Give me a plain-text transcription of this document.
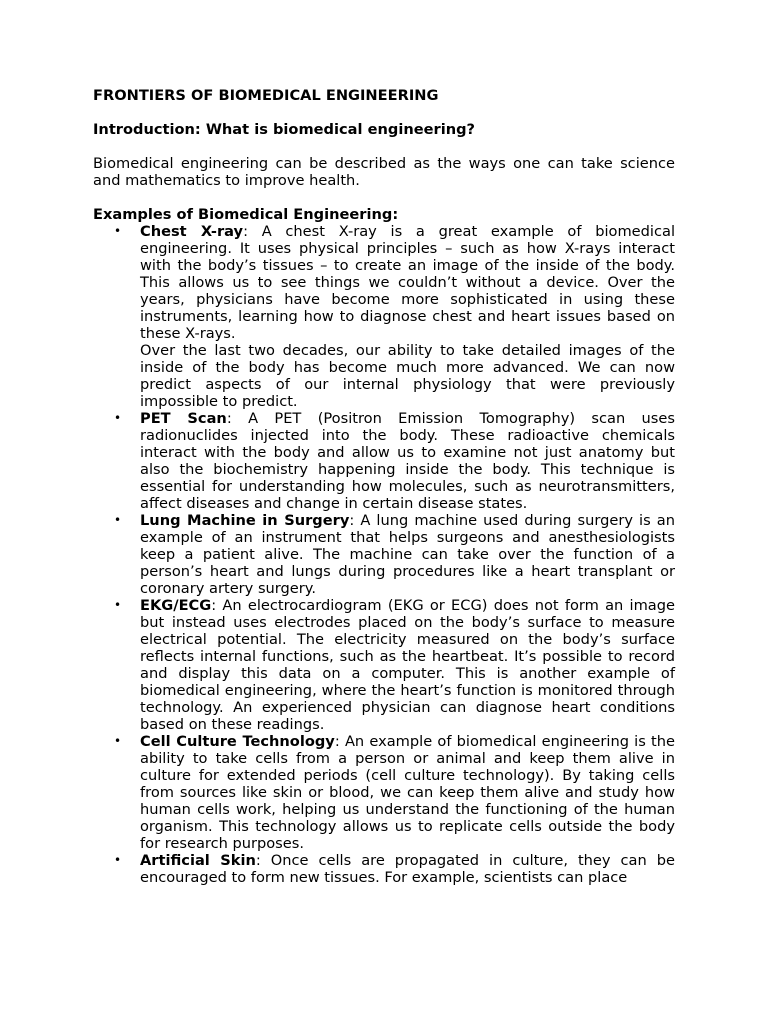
FRONTIERS OF BIOMEDICAL ENGINEERING

Introduction: What is biomedical engineering?

Biomedical engineering can be described as the ways one can take science and mathematics to improve health.

Examples of Biomedical Engineering:

• Chest X-ray: A chest X-ray is a great example of biomedical engineering. It uses physical principles – such as how X-rays interact with the body’s tissues – to create an image of the inside of the body. This allows us to see things we couldn’t without a device. Over the years, physicians have become more sophisticated in using these instruments, learning how to diagnose chest and heart issues based on these X-rays.

Over the last two decades, our ability to take detailed images of the inside of the body has become much more advanced. We can now predict aspects of our internal physiology that were previously impossible to predict.

• PET Scan: A PET (Positron Emission Tomography) scan uses radionuclides injected into the body. These radioactive chemicals interact with the body and allow us to examine not just anatomy but also the biochemistry happening inside the body. This technique is essential for understanding how molecules, such as neurotransmitters, affect diseases and change in certain disease states.

• Lung Machine in Surgery: A lung machine used during surgery is an example of an instrument that helps surgeons and anesthesiologists keep a patient alive. The machine can take over the function of a person’s heart and lungs during procedures like a heart transplant or coronary artery surgery.

• EKG/ECG: An electrocardiogram (EKG or ECG) does not form an image but instead uses electrodes placed on the body’s surface to measure electrical potential. The electricity measured on the body’s surface reflects internal functions, such as the heartbeat. It’s possible to record and display this data on a computer. This is another example of biomedical engineering, where the heart’s function is monitored through technology. An experienced physician can diagnose heart conditions based on these readings.

• Cell Culture Technology: An example of biomedical engineering is the ability to take cells from a person or animal and keep them alive in culture for extended periods (cell culture technology). By taking cells from sources like skin or blood, we can keep them alive and study how human cells work, helping us understand the functioning of the human organism. This technology allows us to replicate cells outside the body for research purposes.

• Artificial Skin: Once cells are propagated in culture, they can be encouraged to form new tissues. For example, scientists can place
